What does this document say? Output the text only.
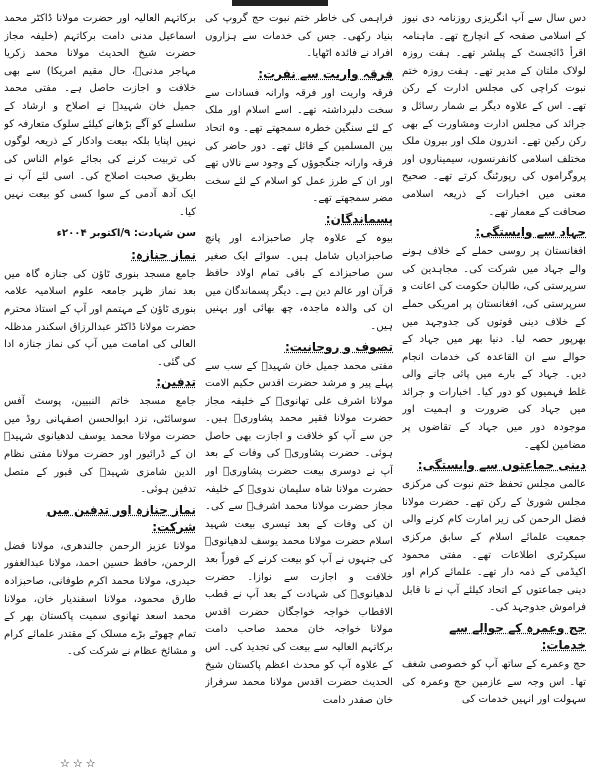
دس سال سے آپ انگریزی روزنامہ دی نیوز کے اسلامی صفحہ کے انچارج تھے۔ ماہنامہ اقرأ ڈائجسٹ کے پبلشر تھے۔ ہفت روزہ لولاک ملتان کے مدیر تھے۔ ہفت روزہ ختم نبوت کراچی کی مجلس ادارت کے رکن تھے۔ اس کے علاوہ دیگر بے شمار رسائل و جرائد کی مجلس ادارت ومشاورت کے بھی رکن رکین تھے۔ اندرون ملک اور بیرون ملک مختلف اسلامی کانفرنسوں، سیمیناروں اور پروگراموں کی رپورٹنگ کرتے تھے۔ صحیح معنی میں اخبارات کے ذریعہ اسلامی صحافت کے معمار تھے۔

جہاد سے وابستگی:

افغانستان پر روسی حملے کے خلاف ہونے والے جہاد میں شرکت کی۔ مجاہدین کی سرپرستی کی، طالبان حکومت کی اعانت و سرپرستی کی، افغانستان پر امریکی حملے کے خلاف دینی قوتوں کی جدوجہد میں بھرپور حصہ لیا۔ دنیا بھر میں جہاد کے حوالے سے ان القاعدہ کی خدمات انجام دیں۔ جہاد کے بارے میں پائی جانے والی غلط فہمیوں کو دور کیا۔ اخبارات و جرائد میں جہاد کی ضرورت و اہمیت اور موجودہ دور میں جہاد کے تقاضوں پر مضامین لکھے۔

دینی جماعتوں سے وابستگی:

عالمی مجلس تحفظ ختم نبوت کی مرکزی مجلس شوریٰ کے رکن تھے۔ حضرت مولانا فضل الرحمن کی زیر امارت کام کرنے والی جمعیت علمائے اسلام کے سابق مرکزی سیکرٹری اطلاعات تھے۔ مفتی محمود اکیڈمی کے ذمہ دار تھے۔ علمائے کرام اور دینی جماعتوں کے اتحاد کیلئے آپ نے نا قابل فراموش جدوجہد کی۔

حج وعمرہ کے حوالے سے خدمات:

حج وعمرے کے ساتھ آپ کو خصوصی شغف تھا۔ اس وجہ سے عازمین حج وعمرہ کی سہولت اور انہیں خدمات کی

فراہمی کی خاطر ختم نبوت حج گروپ کی بنیاد رکھی۔ جس کی خدمات سے ہزاروں افراد نے فائدہ اٹھایا۔

فرقہ واریت سے نفرت:

فرقہ واریت اور فرقہ وارانہ فسادات سے سخت دلبرداشتہ تھے۔ اسے اسلام اور ملک کے لئے سنگین خطرہ سمجھتے تھے۔ وہ اتحاد بین المسلمین کے قائل تھے۔ دور حاضر کی فرقہ وارانہ جنگجوؤں کے وجود سے نالاں تھے اور ان کے طرز عمل کو اسلام کے لئے سخت مضر سمجھتے تھے۔

پسماندگان:

بیوہ کے علاوہ چار صاحبزادے اور پانچ صاحبزادیاں شامل ہیں۔ سوائے ایک صغیر سن صاحبزادے کے باقی تمام اولاد حافظ قرآن اور عالم دین ہے۔ دیگر پسماندگان میں ان کی والدہ ماجدہ، چھ بھائی اور بہنیں ہیں۔

تصوف و روحانیت:

مفتی محمد جمیل خان شہیدؒ کے سب سے پہلے پیر و مرشد حضرت اقدس حکیم الامت مولانا اشرف علی تھانویؒ کے خلیفہ مجاز حضرت مولانا فقیر محمد پشاوریؒ ہیں۔ جن سے آپ کو خلافت و اجازت بھی حاصل ہوئی۔ حضرت پشاوریؒ کی وفات کے بعد آپ نے دوسری بیعت حضرت پشاوریؒ اور حضرت مولانا شاہ سلیمان ندویؒ کے خلیفہ مجاز حضرت مولانا محمد اشرفؒ سے کی۔ ان کی وفات کے بعد تیسری بیعت شہید اسلام حضرت مولانا محمد یوسف لدھیانویؒ کی جنہوں نے آپ کو بیعت کرنے کے فوراً بعد خلافت و اجازت سے نوازا۔ حضرت لدھیانویؒ کی شہادت کے بعد آپ نے قطب الاقطاب خواجہ خواجگان حضرت اقدس مولانا خواجہ خان محمد صاحب دامت برکاتہم العالیہ سے بیعت کی تجدید کی۔ اس کے علاوہ آپ کو محدث اعظم پاکستان شیخ الحدیث حضرت اقدس مولانا محمد سرفراز خان صفدر دامت

برکاتہم العالیہ اور حضرت مولانا ڈاکٹر محمد اسماعیل مدنی دامت برکاتہم (خلیفہ مجاز حضرت شیخ الحدیث مولانا محمد زکریا مہاجر مدنیؒ، حال مقیم امریکا) سے بھی خلافت و اجازت حاصل ہے۔ مفتی محمد جمیل خان شہیدؒ نے اصلاح و ارشاد کے سلسلے کو آگے بڑھانے کیلئے سلوک متعارفہ کو نہیں اپنایا بلکہ بیعت وادکار کے ذریعہ لوگوں کی تربیت کرنے کی بجائے عوام الناس کی بطریق صحبت اصلاح کی۔ اسی لئے آپ نے ایک آدھ آدمی کے سوا کسی کو بیعت نہیں کیا۔

سن شہادت: ۹/اکتوبر ۲۰۰۴ء
نماز جنازہ:

جامع مسجد بنوری ٹاؤن کی جنازہ گاہ میں بعد نماز ظہر جامعہ علوم اسلامیہ علامہ بنوری ٹاؤن کے مہتمم اور آپ کے استاذ محترم حضرت مولانا ڈاکٹر عبدالرزاق اسکندر مدظلہ العالی کی امامت میں آپ کی نماز جنازہ ادا کی گئی۔

تدفین:

جامع مسجد خاتم النبیین، پوسٹ آفس سوسائٹی، نزد ابوالحسن اصفہانی روڈ میں حضرت مولانا محمد یوسف لدھیانوی شہیدؒ ان کے ڈرائیور اور حضرت مولانا مفتی نظام الدین شامزی شہیدؒ کی قبور کے متصل تدفین ہوئی۔

نماز جنازہ اور تدفین میں شرکت:

مولانا عزیز الرحمن جالندھری، مولانا فضل الرحمن، حافظ حسین احمد، مولانا عبدالغفور حیدری، مولانا محمد اکرم طوفانی، صاحبزادہ طارق محمود، مولانا اسفندیار خان، مولانا محمد اسعد تھانوی سمیت پاکستان بھر کے تمام چھوٹے بڑے مسلک کے مقتدر علمائے کرام و مشائخ عظام نے شرکت کی۔

☆☆☆
